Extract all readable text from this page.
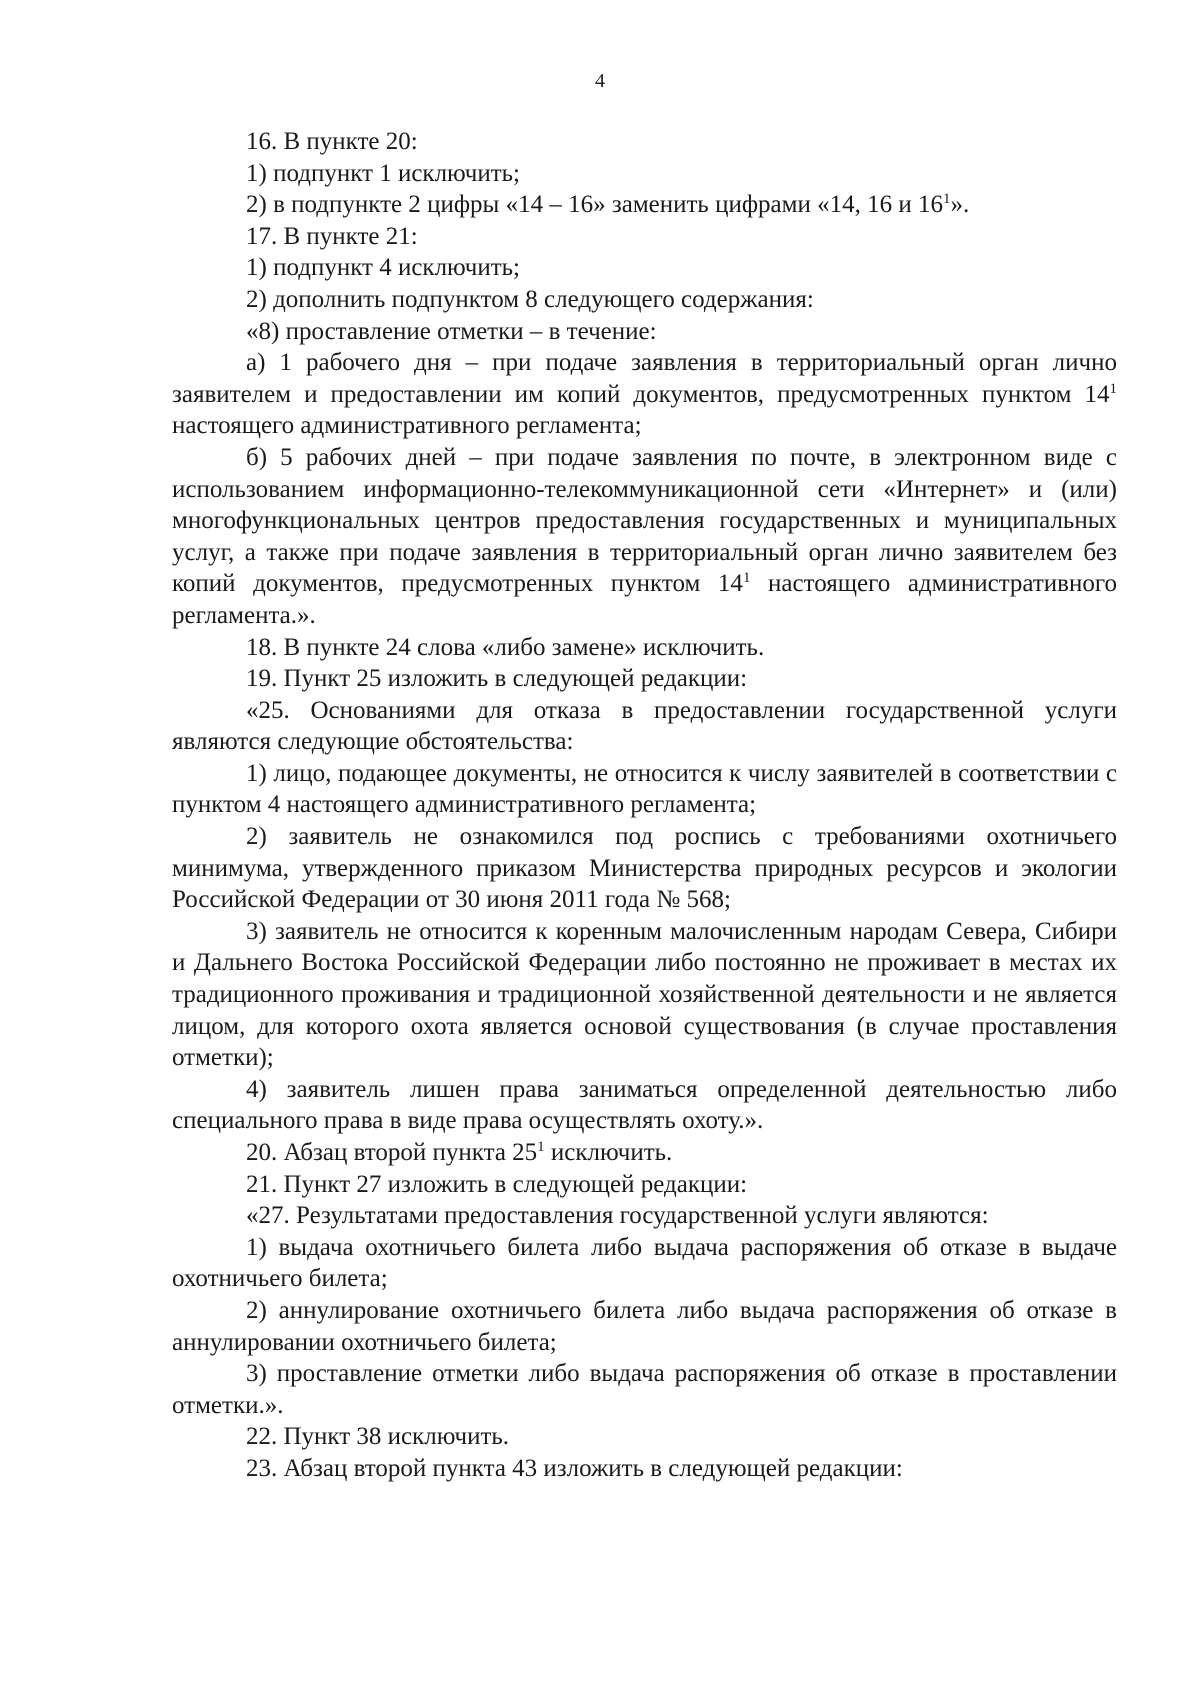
4

16. В пункте 20:

1) подпункт 1 исключить;

2) в подпункте 2 цифры «14 – 16» заменить цифрами «14, 16 и $16^1$».

17. В пункте 21:

1) подпункт 4 исключить;

2) дополнить подпунктом 8 следующего содержания:

«8) проставление отметки – в течение:

а) 1 рабочего дня – при подаче заявления в территориальный орган лично заявителем и предоставлении им копий документов, предусмотренных пунктом $14^1$ настоящего административного регламента;

б) 5 рабочих дней – при подаче заявления по почте, в электронном виде с использованием информационно-телекоммуникационной сети «Интернет» и (или) многофункциональных центров предоставления государственных и муниципальных услуг, а также при подаче заявления в территориальный орган лично заявителем без копий документов, предусмотренных пунктом $14^1$ настоящего административного регламента.».

18. В пункте 24 слова «либо замене» исключить.

19. Пункт 25 изложить в следующей редакции:

«25. Основаниями для отказа в предоставлении государственной услуги являются следующие обстоятельства:

1) лицо, подающее документы, не относится к числу заявителей в соответствии с пунктом 4 настоящего административного регламента;

2) заявитель не ознакомился под роспись с требованиями охотничьего минимума, утвержденного приказом Министерства природных ресурсов и экологии Российской Федерации от 30 июня 2011 года № 568;

3) заявитель не относится к коренным малочисленным народам Севера, Сибири и Дальнего Востока Российской Федерации либо постоянно не проживает в местах их традиционного проживания и традиционной хозяйственной деятельности и не является лицом, для которого охота является основой существования (в случае проставления отметки);

4) заявитель лишен права заниматься определенной деятельностью либо специального права в виде права осуществлять охоту.».

20. Абзац второй пункта $25^1$ исключить.

21. Пункт 27 изложить в следующей редакции:

«27. Результатами предоставления государственной услуги являются:

1) выдача охотничьего билета либо выдача распоряжения об отказе в выдаче охотничьего билета;

2) аннулирование охотничьего билета либо выдача распоряжения об отказе в аннулировании охотничьего билета;

3) проставление отметки либо выдача распоряжения об отказе в проставлении отметки.».

22. Пункт 38 исключить.

23. Абзац второй пункта 43 изложить в следующей редакции:
